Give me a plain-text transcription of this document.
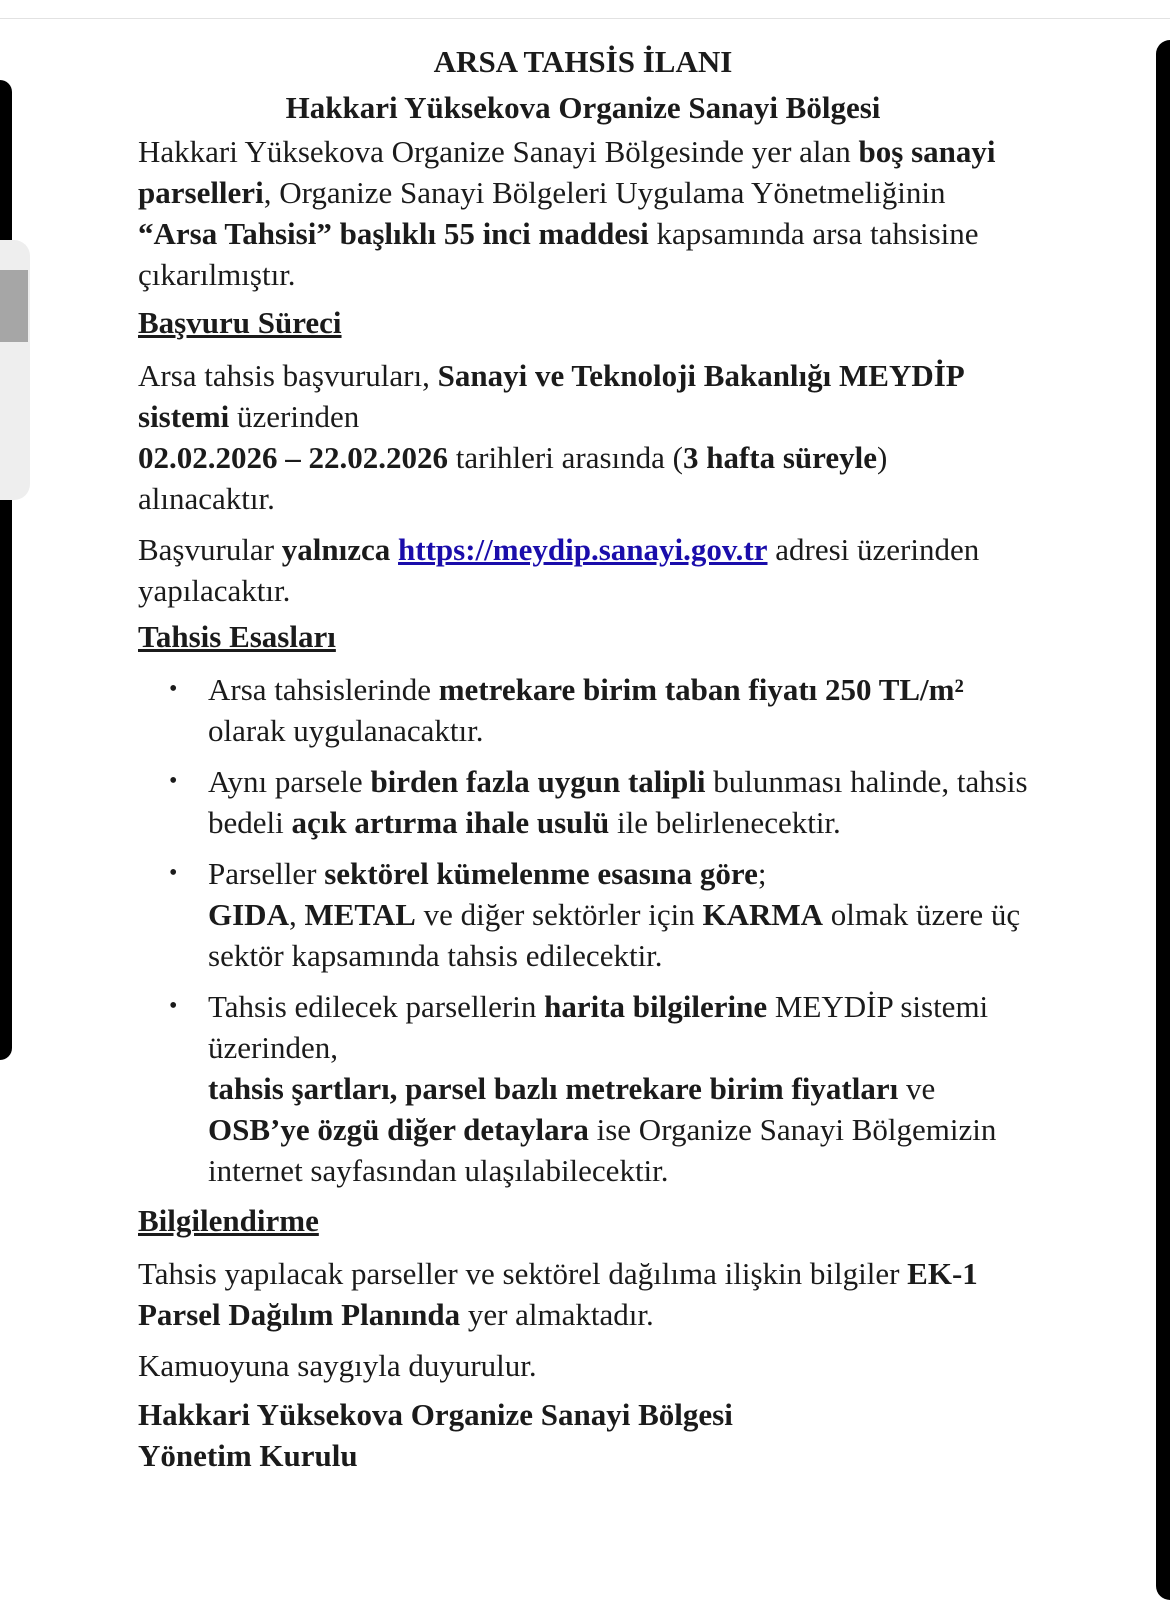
ARSA TAHSİS İLANI
Hakkari Yüksekova Organize Sanayi Bölgesi

Hakkari Yüksekova Organize Sanayi Bölgesinde yer alan boş sanayi parselleri, Organize Sanayi Bölgeleri Uygulama Yönetmeliğinin “Arsa Tahsisi” başlıklı 55 inci maddesi kapsamında arsa tahsisine çıkarılmıştır.

Başvuru Süreci

Arsa tahsis başvuruları, Sanayi ve Teknoloji Bakanlığı MEYDİP sistemi üzerinden
02.02.2026 – 22.02.2026 tarihleri arasında (3 hafta süreyle) alınacaktır.

Başvurular yalnızca https://meydip.sanayi.gov.tr adresi üzerinden yapılacaktır.

Tahsis Esasları
• Arsa tahsislerinde metrekare birim taban fiyatı 250 TL/m² olarak uygulanacaktır.
• Aynı parsele birden fazla uygun talipli bulunması halinde, tahsis bedeli açık artırma ihale usulü ile belirlenecektir.
• Parseller sektörel kümelenme esasına göre;
GIDA, METAL ve diğer sektörler için KARMA olmak üzere üç sektör kapsamında tahsis edilecektir.
• Tahsis edilecek parsellerin harita bilgilerine MEYDİP sistemi üzerinden,
tahsis şartları, parsel bazlı metrekare birim fiyatları ve OSB’ye özgü diğer detaylara ise Organize Sanayi Bölgemizin internet sayfasından ulaşılabilecektir.
Bilgilendirme

Tahsis yapılacak parseller ve sektörel dağılıma ilişkin bilgiler EK-1 Parsel Dağılım Planında yer almaktadır.

Kamuoyuna saygıyla duyurulur.

Hakkari Yüksekova Organize Sanayi Bölgesi
Yönetim Kurulu
